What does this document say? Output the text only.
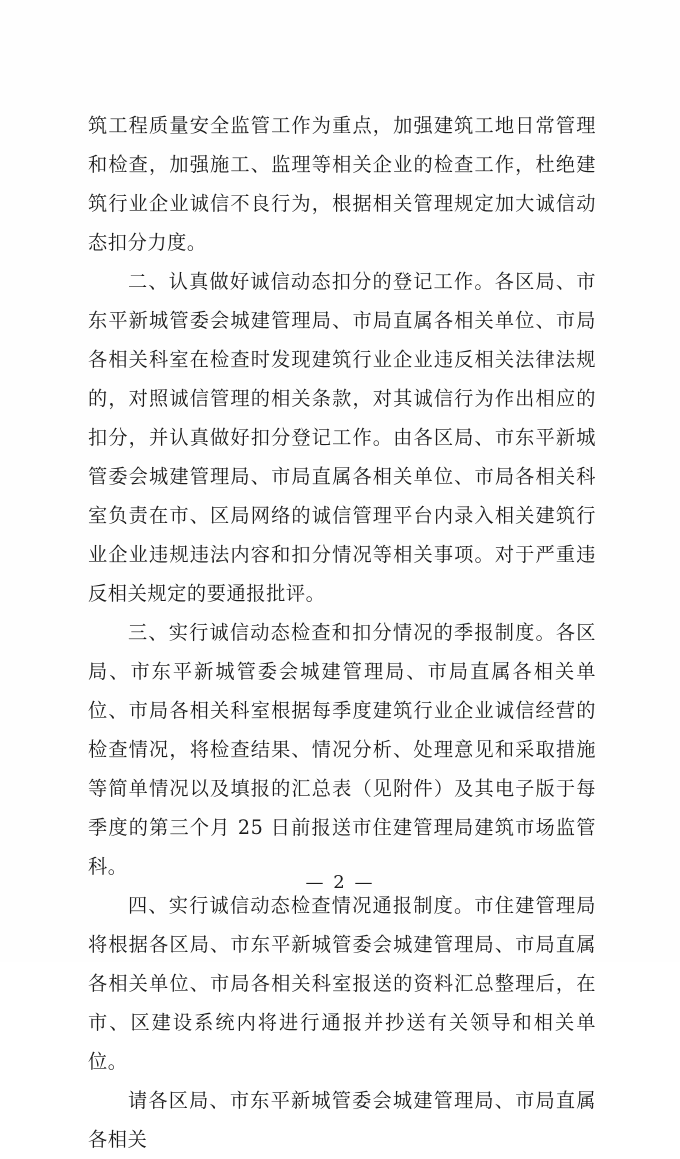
筑工程质量安全监管工作为重点，加强建筑工地日常管理和检查，加强施工、监理等相关企业的检查工作，杜绝建筑行业企业诚信不良行为，根据相关管理规定加大诚信动态扣分力度。

二、认真做好诚信动态扣分的登记工作。各区局、市东平新城管委会城建管理局、市局直属各相关单位、市局各相关科室在检查时发现建筑行业企业违反相关法律法规的，对照诚信管理的相关条款，对其诚信行为作出相应的扣分，并认真做好扣分登记工作。由各区局、市东平新城管委会城建管理局、市局直属各相关单位、市局各相关科室负责在市、区局网络的诚信管理平台内录入相关建筑行业企业违规违法内容和扣分情况等相关事项。对于严重违反相关规定的要通报批评。

三、实行诚信动态检查和扣分情况的季报制度。各区局、市东平新城管委会城建管理局、市局直属各相关单位、市局各相关科室根据每季度建筑行业企业诚信经营的检查情况，将检查结果、情况分析、处理意见和采取措施等简单情况以及填报的汇总表（见附件）及其电子版于每季度的第三个月 25 日前报送市住建管理局建筑市场监管科。

四、实行诚信动态检查情况通报制度。市住建管理局将根据各区局、市东平新城管委会城建管理局、市局直属各相关单位、市局各相关科室报送的资料汇总整理后，在市、区建设系统内将进行通报并抄送有关领导和相关单位。

请各区局、市东平新城管委会城建管理局、市局直属各相关

— 2 —
